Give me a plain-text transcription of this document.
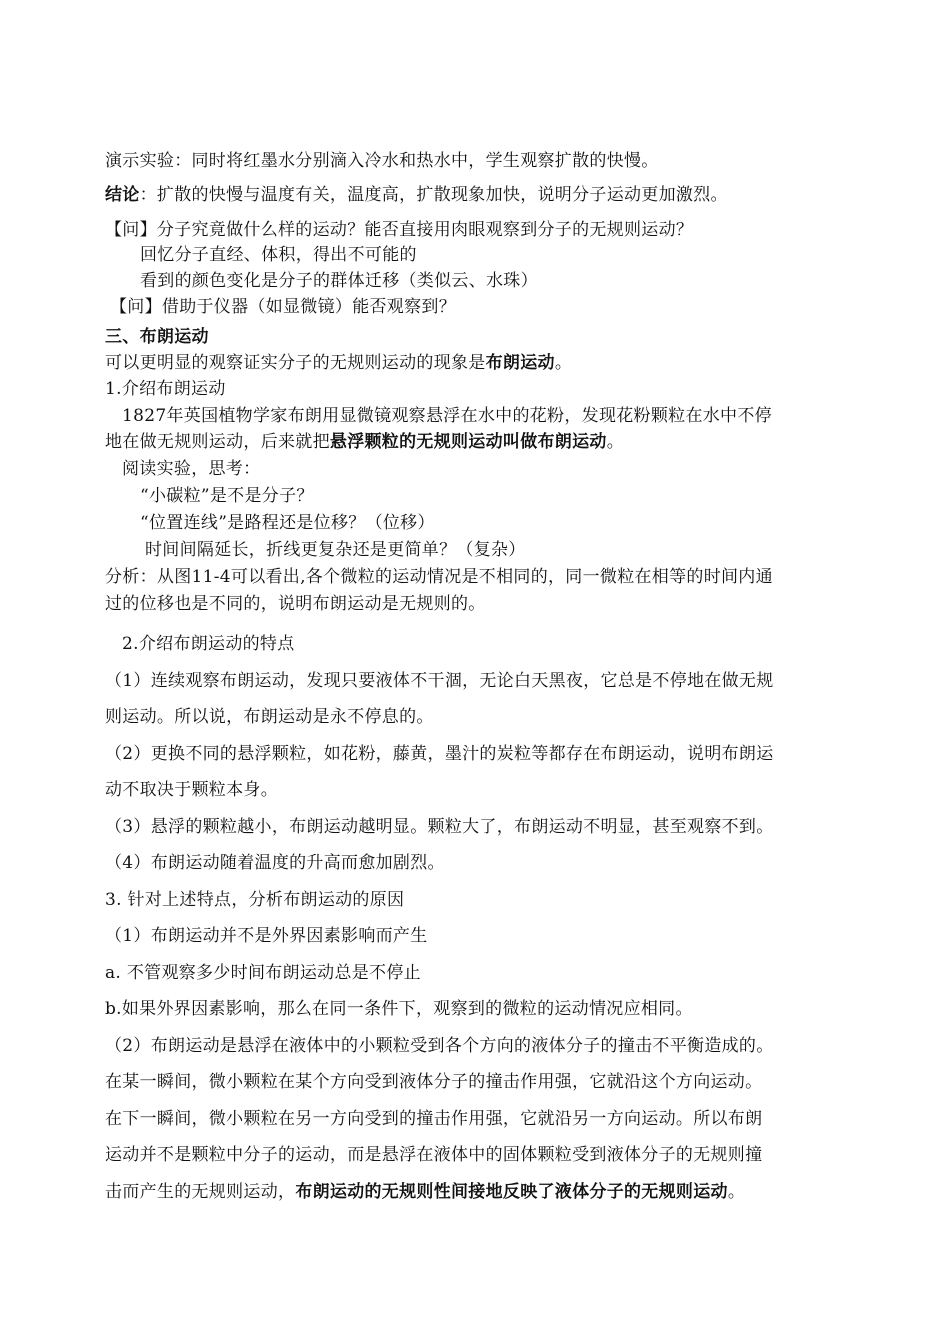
演示实验：同时将红墨水分别滴入冷水和热水中，学生观察扩散的快慢。
结论：扩散的快慢与温度有关，温度高，扩散现象加快，说明分子运动更加激烈。
【问】分子究竟做什么样的运动？能否直接用肉眼观察到分子的无规则运动？
回忆分子直经、体积，得出不可能的
看到的颜色变化是分子的群体迁移（类似云、水珠）
【问】借助于仪器（如显微镜）能否观察到？
三、布朗运动
可以更明显的观察证实分子的无规则运动的现象是布朗运动。
1.介绍布朗运动
1827年英国植物学家布朗用显微镜观察悬浮在水中的花粉，发现花粉颗粒在水中不停
地在做无规则运动，后来就把悬浮颗粒的无规则运动叫做布朗运动。
阅读实验，思考：
“小碳粒”是不是分子？
“位置连线”是路程还是位移？（位移）
时间间隔延长，折线更复杂还是更简单？（复杂）
分析：从图11-4可以看出,各个微粒的运动情况是不相同的，同一微粒在相等的时间内通
过的位移也是不同的，说明布朗运动是无规则的。
2.介绍布朗运动的特点
（1）连续观察布朗运动，发现只要液体不干涸，无论白天黑夜，它总是不停地在做无规
则运动。所以说，布朗运动是永不停息的。
（2）更换不同的悬浮颗粒，如花粉，藤黄，墨汁的炭粒等都存在布朗运动，说明布朗运
动不取决于颗粒本身。
（3）悬浮的颗粒越小，布朗运动越明显。颗粒大了，布朗运动不明显，甚至观察不到。
（4）布朗运动随着温度的升高而愈加剧烈。
3. 针对上述特点，分析布朗运动的原因
（1）布朗运动并不是外界因素影响而产生
a. 不管观察多少时间布朗运动总是不停止
b.如果外界因素影响，那么在同一条件下，观察到的微粒的运动情况应相同。
（2）布朗运动是悬浮在液体中的小颗粒受到各个方向的液体分子的撞击不平衡造成的。
在某一瞬间，微小颗粒在某个方向受到液体分子的撞击作用强，它就沿这个方向运动。
在下一瞬间，微小颗粒在另一方向受到的撞击作用强，它就沿另一方向运动。所以布朗
运动并不是颗粒中分子的运动，而是悬浮在液体中的固体颗粒受到液体分子的无规则撞
击而产生的无规则运动，布朗运动的无规则性间接地反映了液体分子的无规则运动。
